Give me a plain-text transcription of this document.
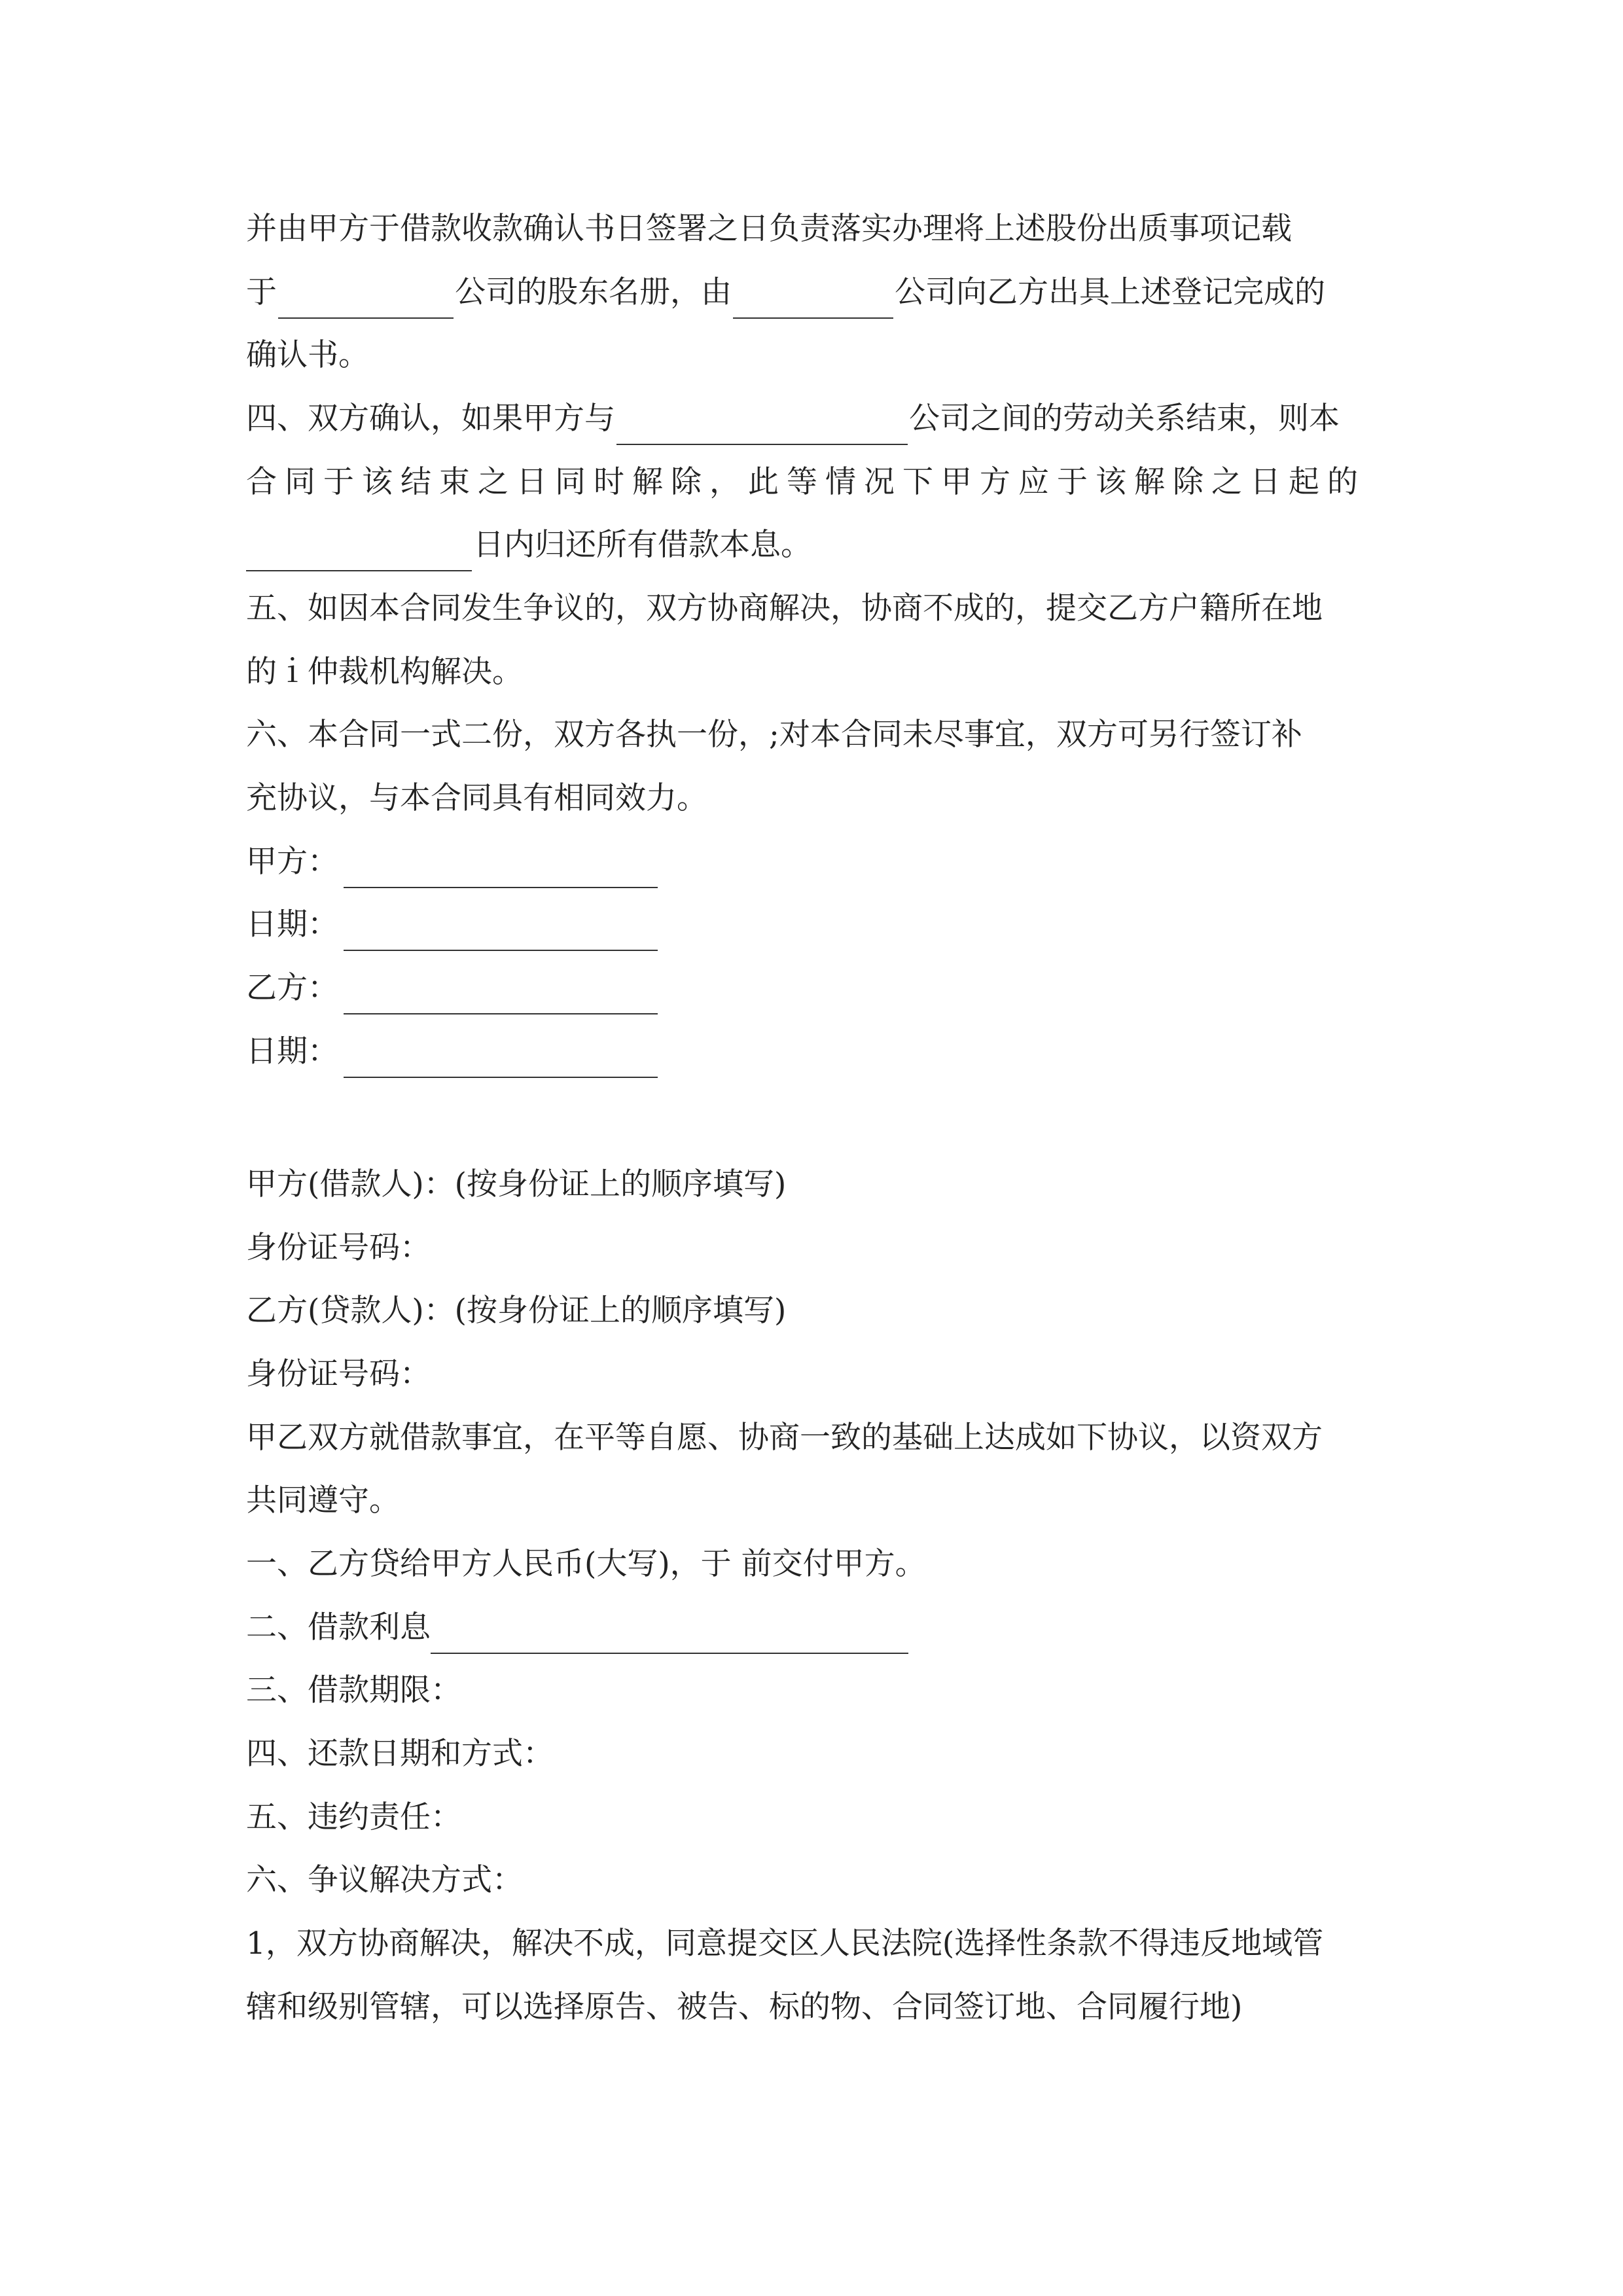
并由甲方于借款收款确认书日签署之日负责落实办理将上述股份出质事项记载
于	公司的股东名册，由	公司向乙方出具上述登记完成的
确认书。
四、双方确认，如果甲方与	公司之间的劳动关系结束，则本
合同于该结束之日同时解除，此等情况下甲方应于该解除之日起的
日内归还所有借款本息。
五、如因本合同发生争议的，双方协商解决，协商不成的，提交乙方户籍所在地
的ｉ仲裁机构解决。
六、本合同一式二份，双方各执一份，;对本合同未尽事宜，双方可另行签订补
充协议，与本合同具有相同效力。
甲方：
日期：
乙方：
日期：
甲方(借款人)：(按身份证上的顺序填写)
身份证号码：
乙方(贷款人)：(按身份证上的顺序填写)
身份证号码：
甲乙双方就借款事宜，在平等自愿、协商一致的基础上达成如下协议，以资双方
共同遵守。
一、乙方贷给甲方人民币(大写)，于 前交付甲方。
二、借款利息
三、借款期限：
四、还款日期和方式：
五、违约责任：
六、争议解决方式：
1，双方协商解决，解决不成，同意提交区人民法院(选择性条款不得违反地域管
辖和级别管辖，可以选择原告、被告、标的物、合同签订地、合同履行地)
